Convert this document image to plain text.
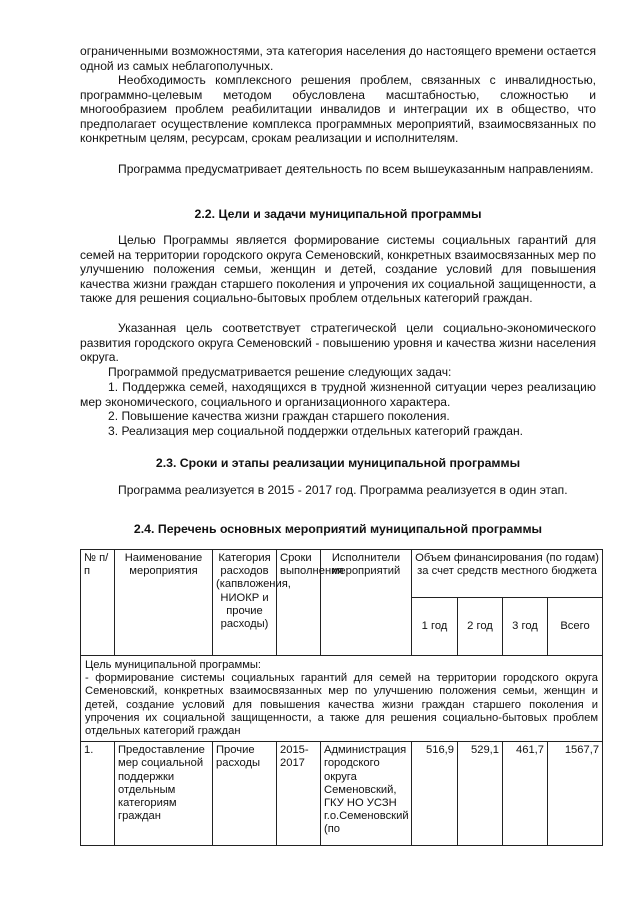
ограниченными возможностями, эта категория населения до настоящего времени остается одной из самых неблагополучных.
Необходимость комплексного решения проблем, связанных с инвалидностью, программно-целевым методом обусловлена масштабностью, сложностью и многообразием проблем реабилитации инвалидов и интеграции их в общество, что предполагает осуществление комплекса программных мероприятий, взаимосвязанных по конкретным целям, ресурсам, срокам реализации и исполнителям.
Программа предусматривает деятельность по всем вышеуказанным направлениям.
2.2. Цели и задачи муниципальной программы
Целью Программы является формирование системы социальных гарантий для семей на территории городского округа Семеновский, конкретных взаимосвязанных мер по улучшению положения семьи, женщин и детей, создание условий для повышения качества жизни граждан старшего поколения и упрочения их социальной защищенности, а также для решения социально-бытовых проблем отдельных категорий граждан.
Указанная цель соответствует стратегической цели социально-экономического развития городского округа Семеновский - повышению уровня и качества жизни населения округа.
Программой предусматривается решение следующих задач:
1. Поддержка семей, находящихся в трудной жизненной ситуации через реализацию мер экономического, социального и организационного характера.
2. Повышение качества жизни граждан старшего поколения.
3. Реализация мер социальной поддержки отдельных категорий граждан.
2.3. Сроки и этапы реализации муниципальной программы
Программа реализуется в 2015 - 2017 год. Программа реализуется в один этап.
2.4. Перечень основных мероприятий муниципальной программы
№ п/п	Наименование мероприятия	Категория расходов (капвложения, НИОКР и прочие расходы)	Сроки выполнения	Исполнители мероприятий	Объем финансирования (по годам) за счет средств местного бюджета			
					1 год	2 год	3 год	Всего

Цель муниципальной программы:
- формирование системы социальных гарантий для семей на территории городского округа Семеновский, конкретных взаимосвязанных мер по улучшению положения семьи, женщин и детей, создание условий для повышения качества жизни граждан старшего поколения и упрочения их социальной защищенности, а также для решения социально-бытовых проблем отдельных категорий граждан								

1.	Предоставление мер социальной поддержки отдельным категориям граждан	Прочие расходы	2015-2017	Администрация городского округа Семеновский, ГКУ НО УСЗН г.о.Семеновский (по	516,9	529,1	461,7	1567,7
